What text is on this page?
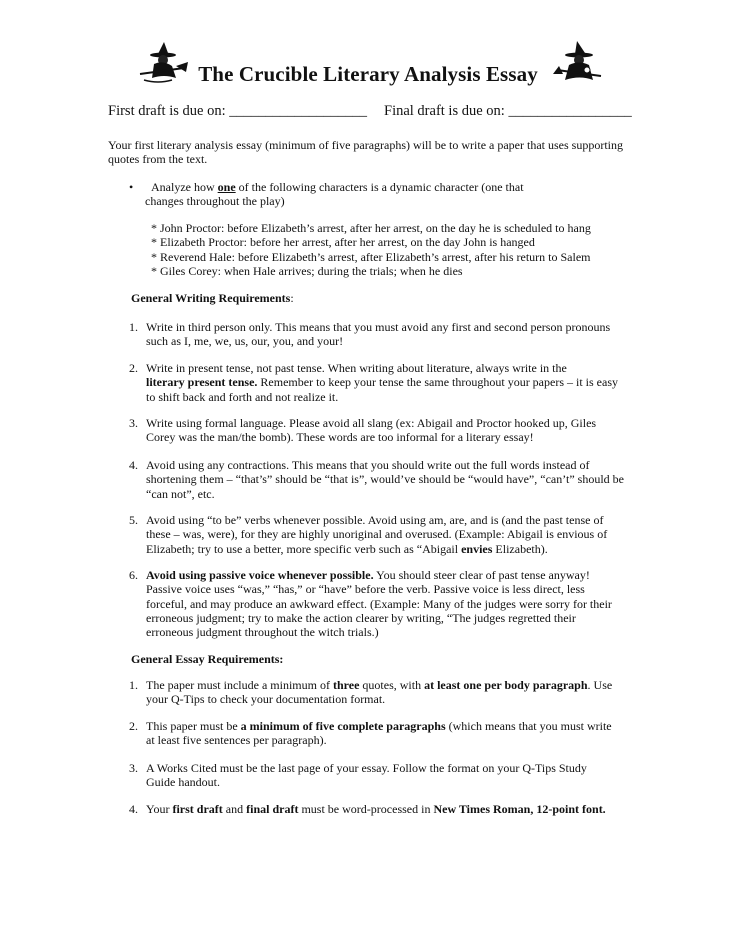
The Crucible Literary Analysis Essay
First draft is due on: ___________________ Final draft is due on: _________________
Your first literary analysis essay (minimum of five paragraphs) will be to write a paper that uses supporting
quotes from the text.
• Analyze how one of the following characters is a dynamic character (one that
changes throughout the play)
* John Proctor: before Elizabeth’s arrest, after her arrest, on the day he is scheduled to hang
* Elizabeth Proctor: before her arrest, after her arrest, on the day John is hanged
* Reverend Hale: before Elizabeth’s arrest, after Elizabeth’s arrest, after his return to Salem
* Giles Corey: when Hale arrives; during the trials; when he dies
General Writing Requirements:
1. Write in third person only. This means that you must avoid any first and second person pronouns
such as I, me, we, us, our, you, and your!
2. Write in present tense, not past tense. When writing about literature, always write in the
literary present tense. Remember to keep your tense the same throughout your papers – it is easy
to shift back and forth and not realize it.
3. Write using formal language. Please avoid all slang (ex: Abigail and Proctor hooked up, Giles
Corey was the man/the bomb). These words are too informal for a literary essay!
4. Avoid using any contractions. This means that you should write out the full words instead of
shortening them – “that’s” should be “that is”, would’ve should be “would have”, “can’t” should be
“can not”, etc.
5. Avoid using “to be” verbs whenever possible. Avoid using am, are, and is (and the past tense of
these – was, were), for they are highly unoriginal and overused. (Example: Abigail is envious of
Elizabeth; try to use a better, more specific verb such as “Abigail envies Elizabeth).
6. Avoid using passive voice whenever possible. You should steer clear of past tense anyway!
Passive voice uses “was,” “has,” or “have” before the verb. Passive voice is less direct, less
forceful, and may produce an awkward effect. (Example: Many of the judges were sorry for their
erroneous judgment; try to make the action clearer by writing, “The judges regretted their
erroneous judgment throughout the witch trials.)
General Essay Requirements:
1. The paper must include a minimum of three quotes, with at least one per body paragraph. Use
your Q-Tips to check your documentation format.
2. This paper must be a minimum of five complete paragraphs (which means that you must write
at least five sentences per paragraph).
3. A Works Cited must be the last page of your essay. Follow the format on your Q-Tips Study
Guide handout.
4. Your first draft and final draft must be word-processed in New Times Roman, 12-point font.
